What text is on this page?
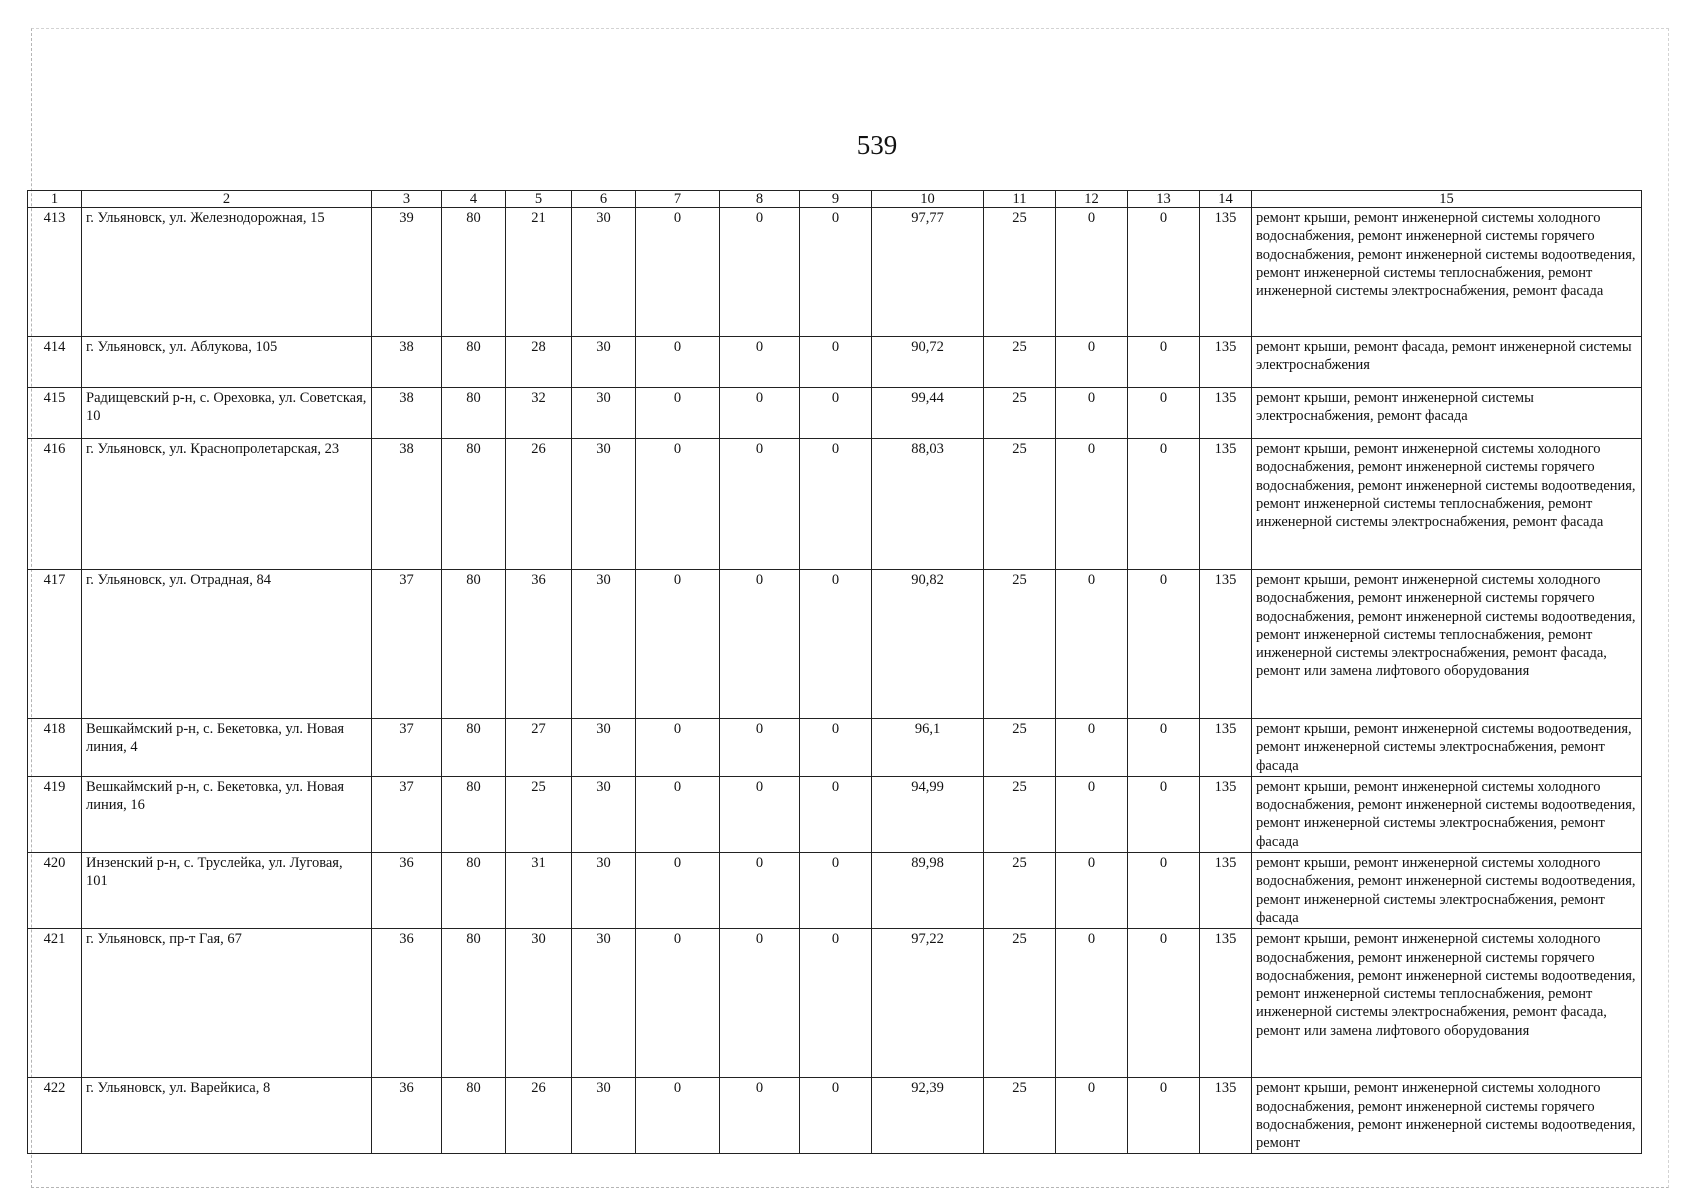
539
1	2	3	4	5	6	7	8	9	10	11	12	13	14	15
413	г. Ульяновск, ул. Железнодорожная, 15	39	80	21	30	0	0	0	97,77	25	0	0	135	ремонт крыши, ремонт инженерной системы холодного водоснабжения, ремонт инженерной системы горячего водоснабжения, ремонт инженерной системы водоотведения, ремонт инженерной системы теплоснабжения, ремонт инженерной системы электроснабжения, ремонт фасада
414	г. Ульяновск, ул. Аблукова, 105	38	80	28	30	0	0	0	90,72	25	0	0	135	ремонт крыши, ремонт фасада, ремонт инженерной системы электроснабжения
415	Радищевский р-н, с. Ореховка, ул. Советская, 10	38	80	32	30	0	0	0	99,44	25	0	0	135	ремонт крыши, ремонт инженерной системы электроснабжения, ремонт фасада
416	г. Ульяновск, ул. Краснопролетарская, 23	38	80	26	30	0	0	0	88,03	25	0	0	135	ремонт крыши, ремонт инженерной системы холодного водоснабжения, ремонт инженерной системы горячего водоснабжения, ремонт инженерной системы водоотведения, ремонт инженерной системы теплоснабжения, ремонт инженерной системы электроснабжения, ремонт фасада
417	г. Ульяновск, ул. Отрадная, 84	37	80	36	30	0	0	0	90,82	25	0	0	135	ремонт крыши, ремонт инженерной системы холодного водоснабжения, ремонт инженерной системы горячего водоснабжения, ремонт инженерной системы водоотведения, ремонт инженерной системы теплоснабжения, ремонт инженерной системы электроснабжения, ремонт фасада, ремонт или замена лифтового оборудования
418	Вешкаймский р-н, с. Бекетовка, ул. Новая линия, 4	37	80	27	30	0	0	0	96,1	25	0	0	135	ремонт крыши, ремонт инженерной системы водоотведения, ремонт инженерной системы электроснабжения, ремонт фасада
419	Вешкаймский р-н, с. Бекетовка, ул. Новая линия, 16	37	80	25	30	0	0	0	94,99	25	0	0	135	ремонт крыши, ремонт инженерной системы холодного водоснабжения, ремонт инженерной системы водоотведения, ремонт инженерной системы электроснабжения, ремонт фасада
420	Инзенский р-н, с. Труслейка, ул. Луговая, 101	36	80	31	30	0	0	0	89,98	25	0	0	135	ремонт крыши, ремонт инженерной системы холодного водоснабжения, ремонт инженерной системы водоотведения, ремонт инженерной системы электроснабжения, ремонт фасада
421	г. Ульяновск, пр-т Гая, 67	36	80	30	30	0	0	0	97,22	25	0	0	135	ремонт крыши, ремонт инженерной системы холодного водоснабжения, ремонт инженерной системы горячего водоснабжения, ремонт инженерной системы водоотведения, ремонт инженерной системы теплоснабжения, ремонт инженерной системы электроснабжения, ремонт фасада, ремонт или замена лифтового оборудования
422	г. Ульяновск, ул. Варейкиса, 8	36	80	26	30	0	0	0	92,39	25	0	0	135	ремонт крыши, ремонт инженерной системы холодного водоснабжения, ремонт инженерной системы горячего водоснабжения, ремонт инженерной системы водоотведения, ремонт
